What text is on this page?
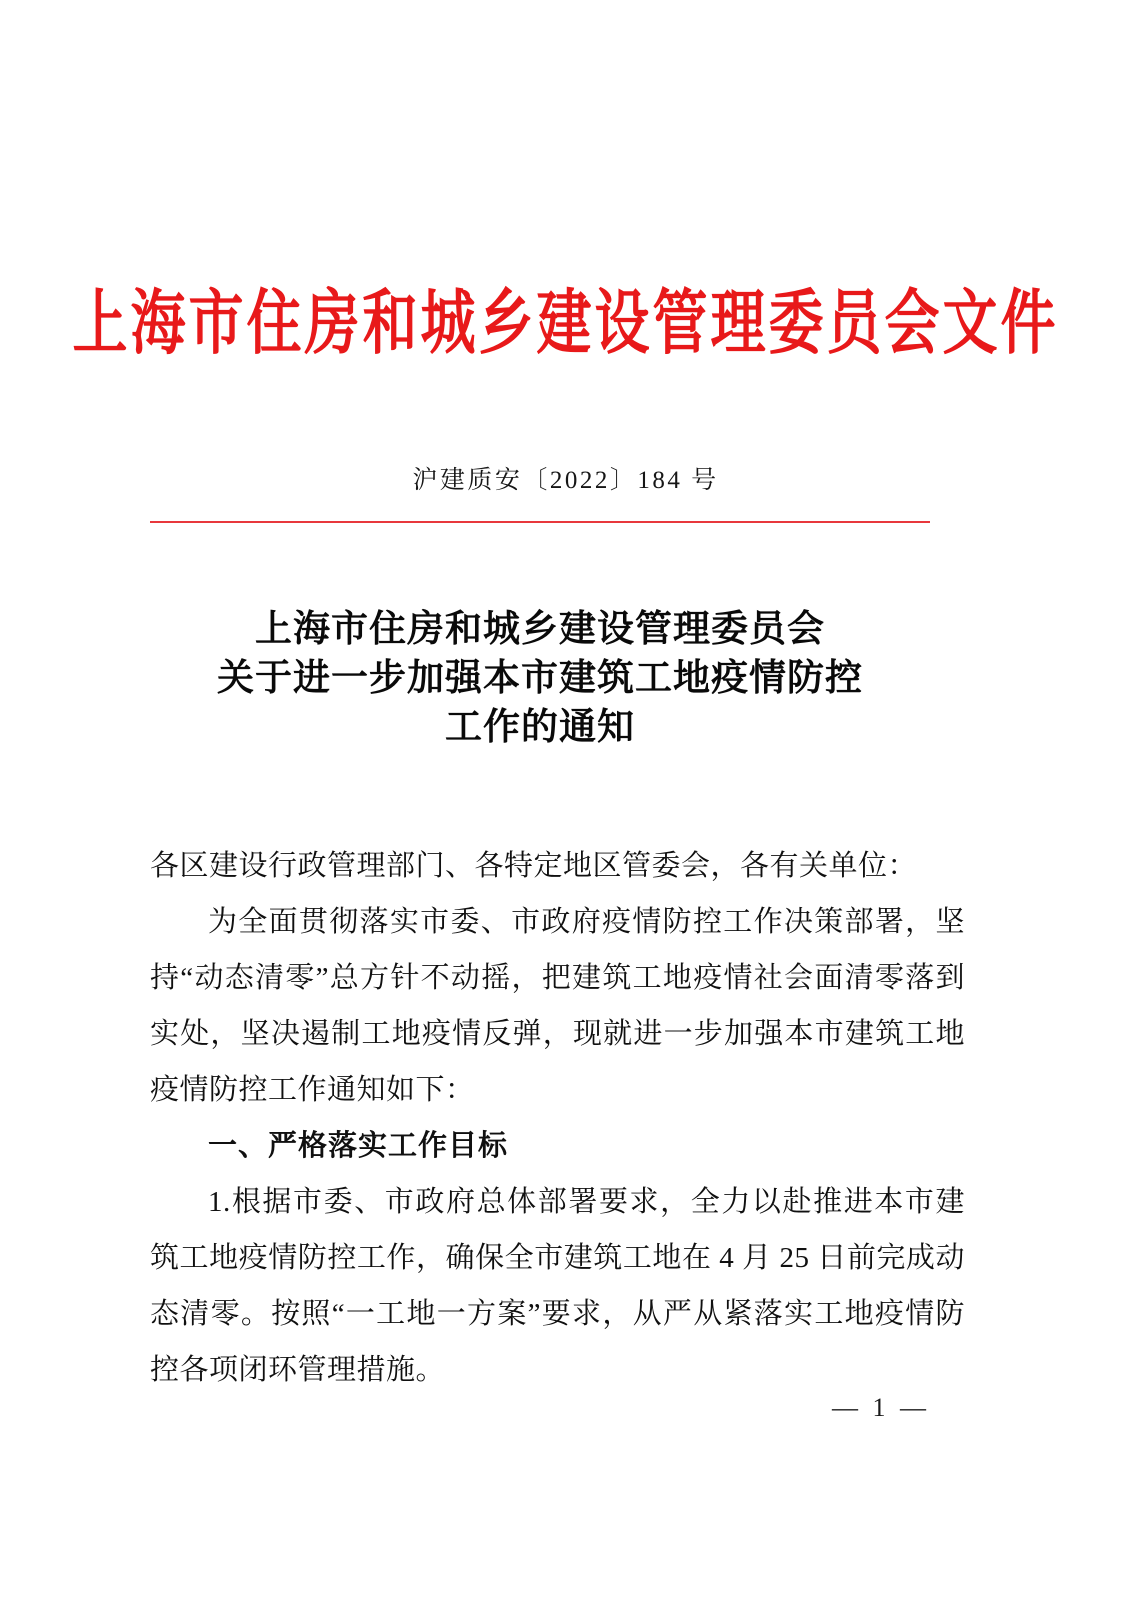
上海市住房和城乡建设管理委员会文件
沪建质安〔2022〕184 号
上海市住房和城乡建设管理委员会
关于进一步加强本市建筑工地疫情防控
工作的通知

各区建设行政管理部门、各特定地区管委会，各有关单位：

为全面贯彻落实市委、市政府疫情防控工作决策部署，坚持“动态清零”总方针不动摇，把建筑工地疫情社会面清零落到实处，坚决遏制工地疫情反弹，现就进一步加强本市建筑工地疫情防控工作通知如下：

一、严格落实工作目标

1.根据市委、市政府总体部署要求，全力以赴推进本市建筑工地疫情防控工作，确保全市建筑工地在 4 月 25 日前完成动态清零。按照“一工地一方案”要求，从严从紧落实工地疫情防控各项闭环管理措施。

— 1 —
